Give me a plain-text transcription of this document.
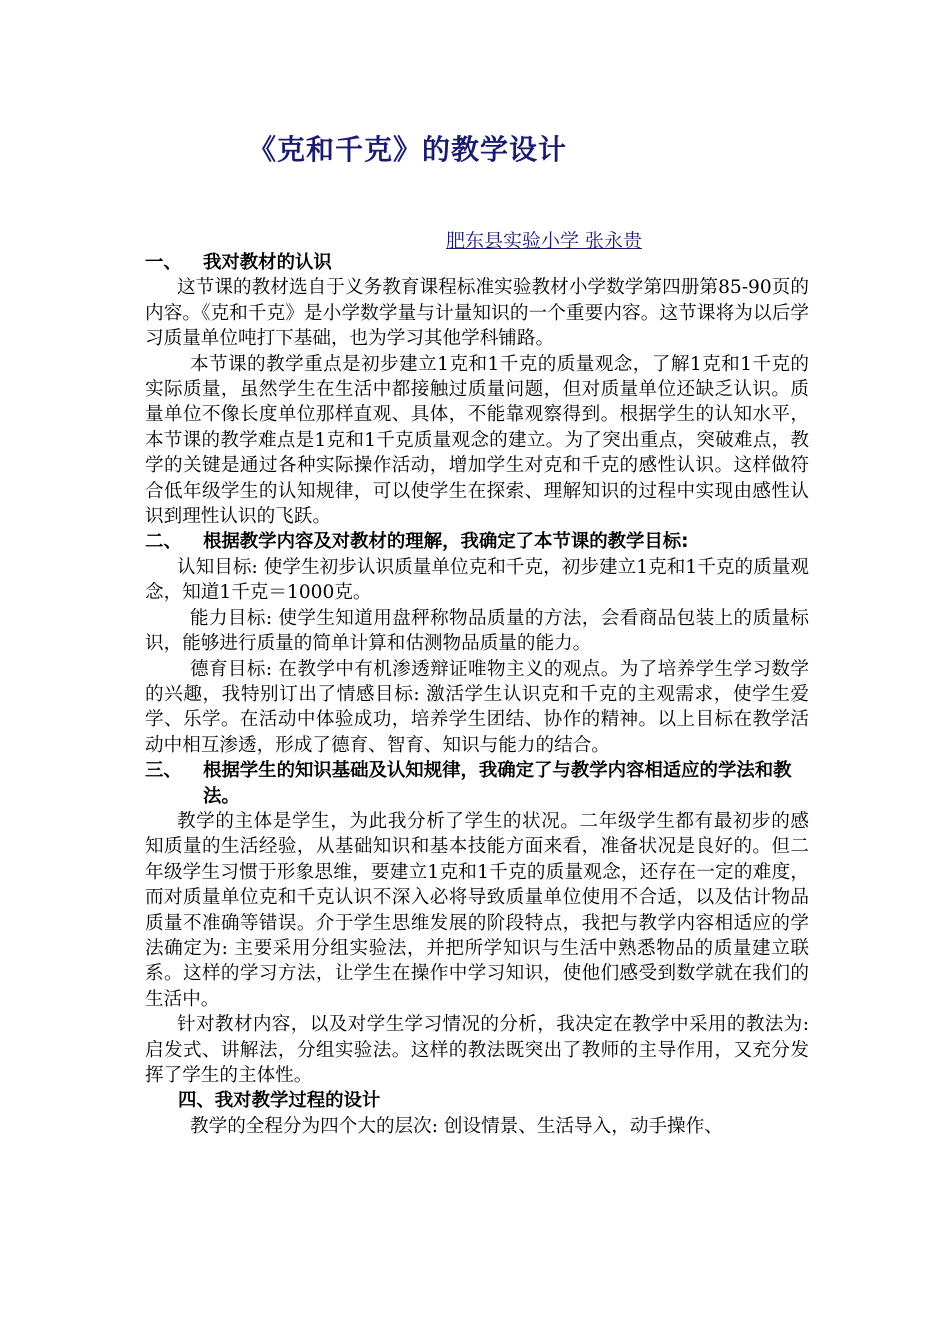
《克和千克》的教学设计
肥东县实验小学 张永贵
一、	我对教材的认识

这节课的教材选自于义务教育课程标准实验教材小学数学第四册第85-90页的内容。《克和千克》是小学数学量与计量知识的一个重要内容。这节课将为以后学习质量单位吨打下基础，也为学习其他学科铺路。

本节课的教学重点是初步建立1克和1千克的质量观念，了解1克和1千克的实际质量，虽然学生在生活中都接触过质量问题，但对质量单位还缺乏认识。质量单位不像长度单位那样直观、具体，不能靠观察得到。根据学生的认知水平，本节课的教学难点是1克和1千克质量观念的建立。为了突出重点，突破难点，教学的关键是通过各种实际操作活动，增加学生对克和千克的感性认识。这样做符合低年级学生的认知规律，可以使学生在探索、理解知识的过程中实现由感性认识到理性认识的飞跃。

二、	根据教学内容及对教材的理解，我确定了本节课的教学目标:

认知目标: 使学生初步认识质量单位克和千克，初步建立1克和1千克的质量观念，知道1千克＝1000克。

能力目标: 使学生知道用盘秤称物品质量的方法，会看商品包装上的质量标识，能够进行质量的简单计算和估测物品质量的能力。

德育目标: 在教学中有机渗透辩证唯物主义的观点。为了培养学生学习数学的兴趣，我特别订出了情感目标: 激活学生认识克和千克的主观需求，使学生爱学、乐学。在活动中体验成功，培养学生团结、协作的精神。以上目标在教学活动中相互渗透，形成了德育、智育、知识与能力的结合。

三、	根据学生的知识基础及认知规律，我确定了与教学内容相适应的学法和教法。

教学的主体是学生，为此我分析了学生的状况。二年级学生都有最初步的感知质量的生活经验，从基础知识和基本技能方面来看，准备状况是良好的。但二年级学生习惯于形象思维，要建立1克和1千克的质量观念，还存在一定的难度，而对质量单位克和千克认识不深入必将导致质量单位使用不合适，以及估计物品质量不准确等错误。介于学生思维发展的阶段特点，我把与教学内容相适应的学法确定为: 主要采用分组实验法，并把所学知识与生活中熟悉物品的质量建立联系。这样的学习方法，让学生在操作中学习知识，使他们感受到数学就在我们的生活中。

针对教材内容，以及对学生学习情况的分析，我决定在教学中采用的教法为: 启发式、讲解法，分组实验法。这样的教法既突出了教师的主导作用，又充分发挥了学生的主体性。

四、我对教学过程的设计

教学的全程分为四个大的层次: 创设情景、生活导入，动手操作、
